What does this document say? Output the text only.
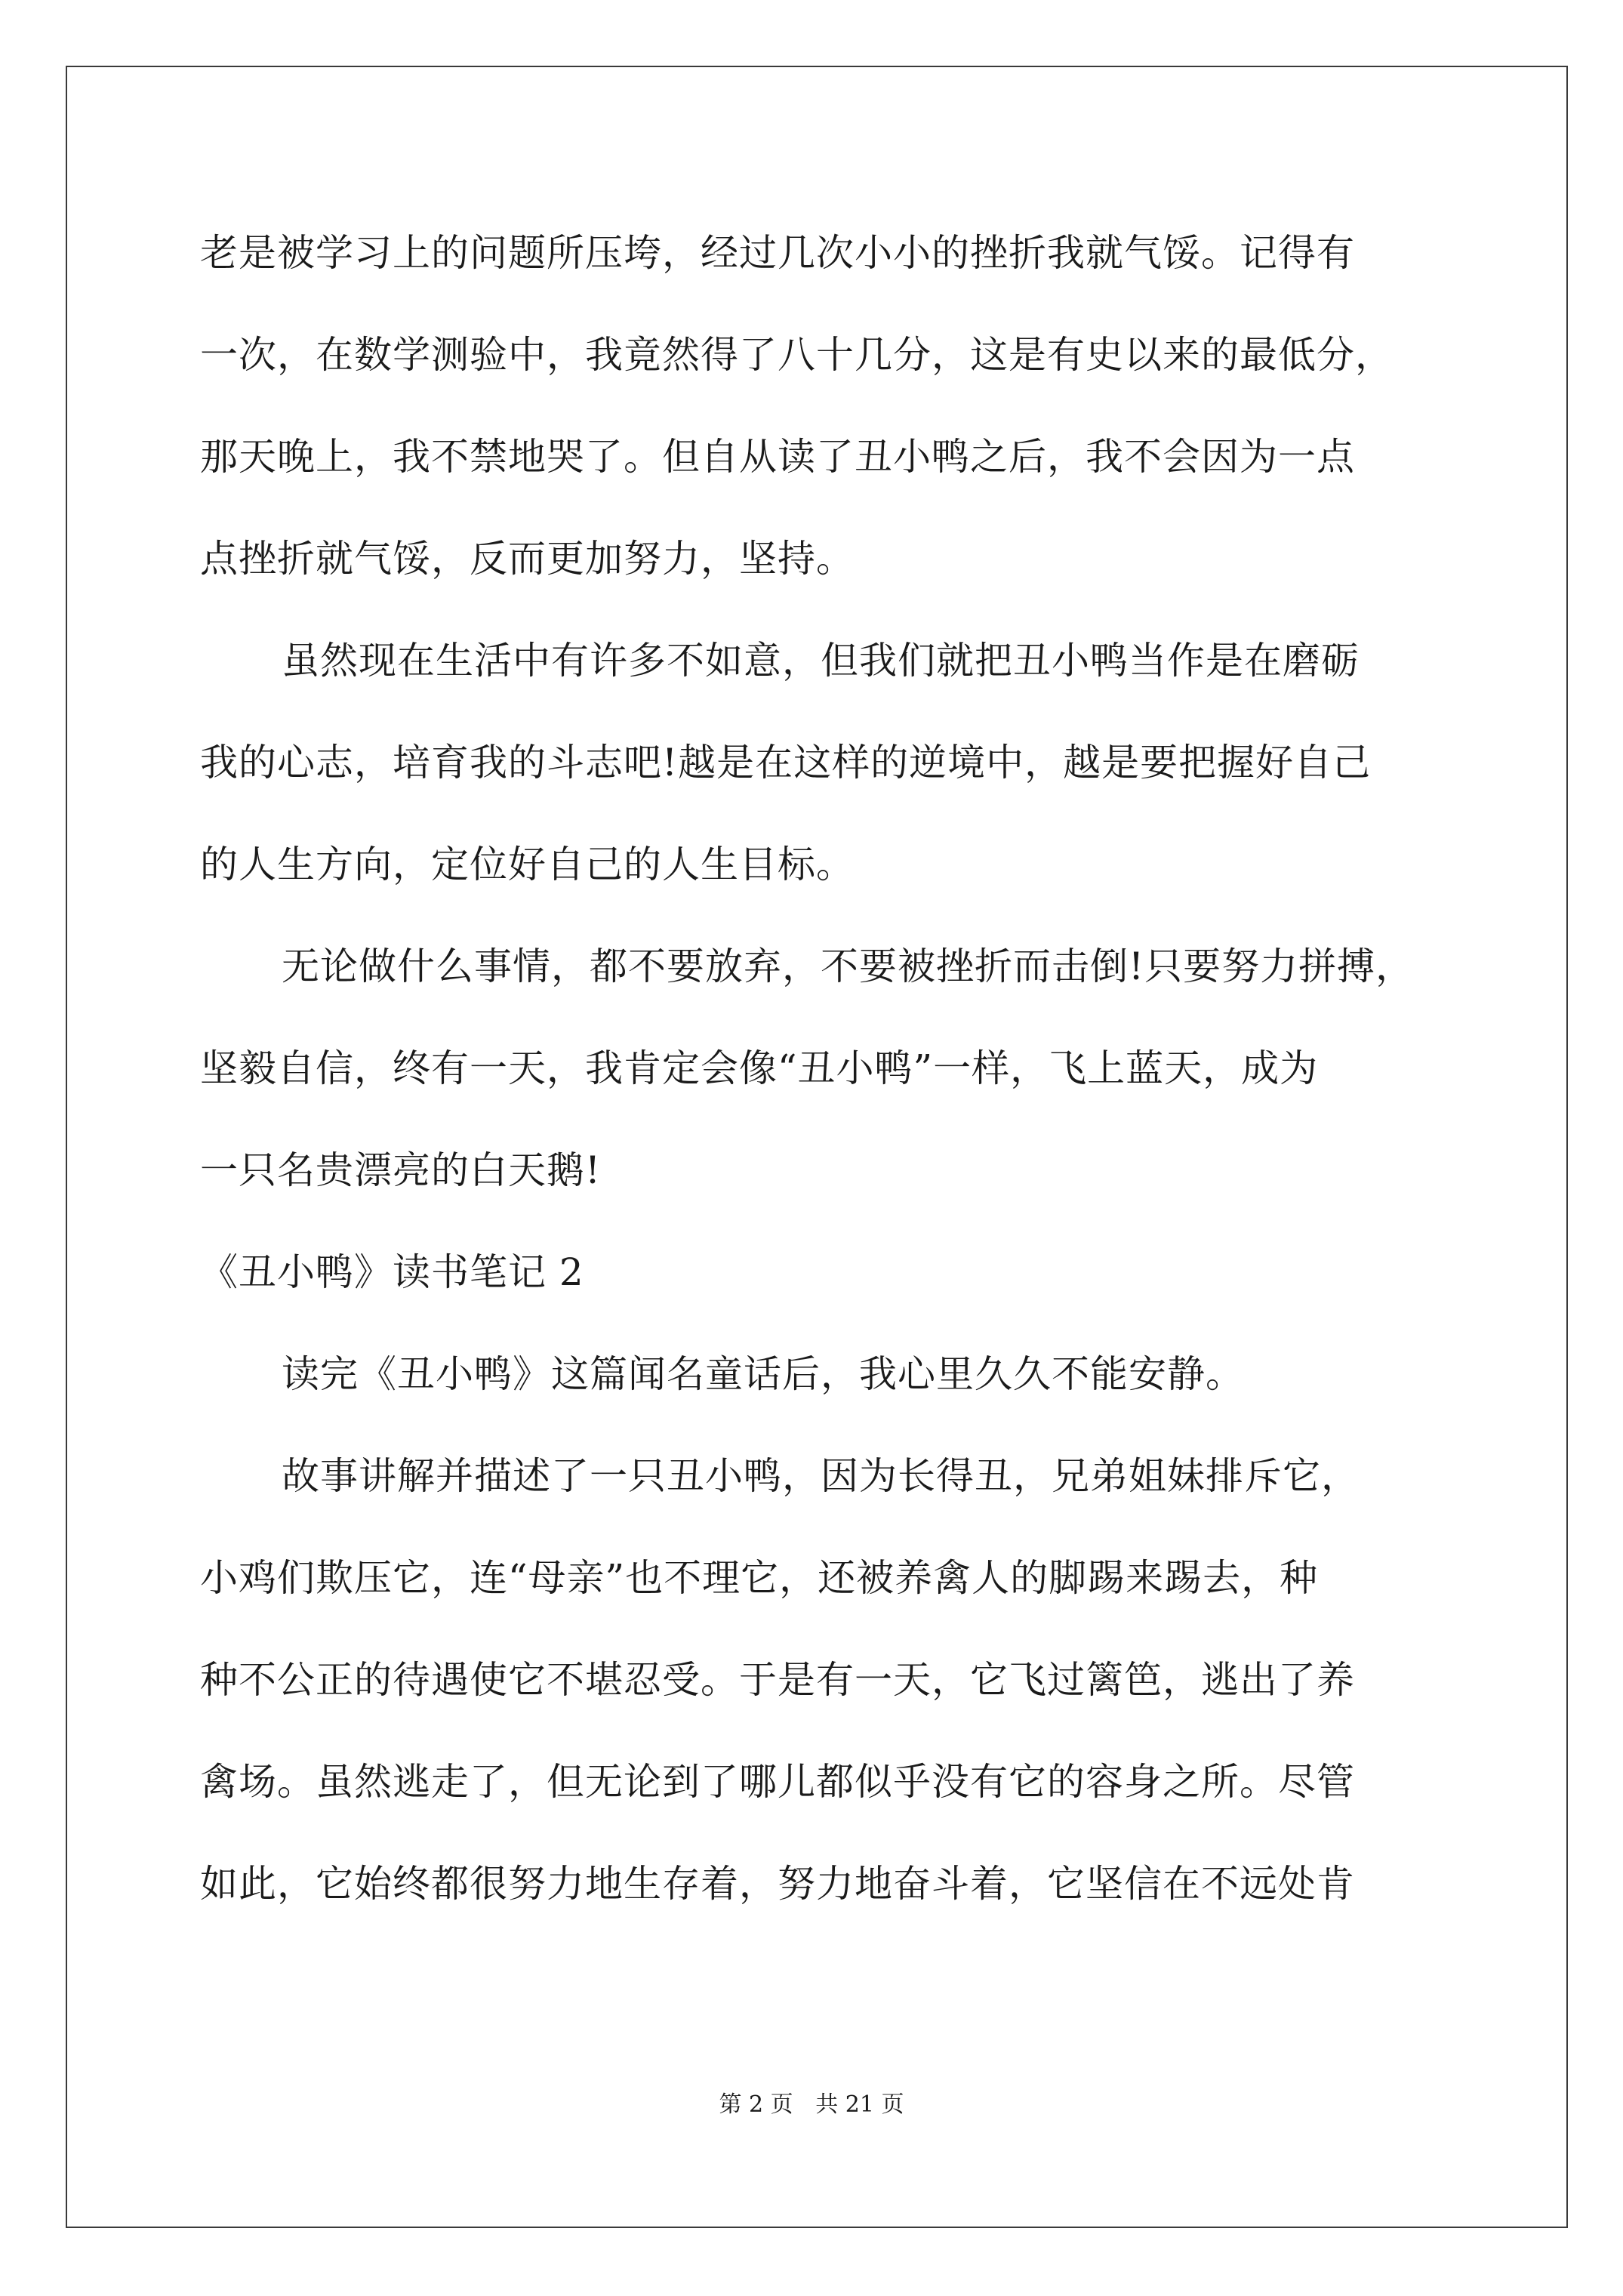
老是被学习上的问题所压垮，经过几次小小的挫折我就气馁。记得有
一次，在数学测验中，我竟然得了八十几分，这是有史以来的最低分，
那天晚上，我不禁地哭了。但自从读了丑小鸭之后，我不会因为一点
点挫折就气馁，反而更加努力，坚持。
虽然现在生活中有许多不如意，但我们就把丑小鸭当作是在磨砺
我的心志，培育我的斗志吧!越是在这样的逆境中，越是要把握好自己
的人生方向，定位好自己的人生目标。
无论做什么事情，都不要放弃，不要被挫折而击倒!只要努力拼搏，
坚毅自信，终有一天，我肯定会像“丑小鸭”一样，飞上蓝天，成为
一只名贵漂亮的白天鹅!
《丑小鸭》读书笔记 2
读完《丑小鸭》这篇闻名童话后，我心里久久不能安静。
故事讲解并描述了一只丑小鸭，因为长得丑，兄弟姐妹排斥它，
小鸡们欺压它，连“母亲”也不理它，还被养禽人的脚踢来踢去，种
种不公正的待遇使它不堪忍受。于是有一天，它飞过篱笆，逃出了养
禽场。虽然逃走了，但无论到了哪儿都似乎没有它的容身之所。尽管
如此，它始终都很努力地生存着，努力地奋斗着，它坚信在不远处肯
第 2 页 共 21 页
